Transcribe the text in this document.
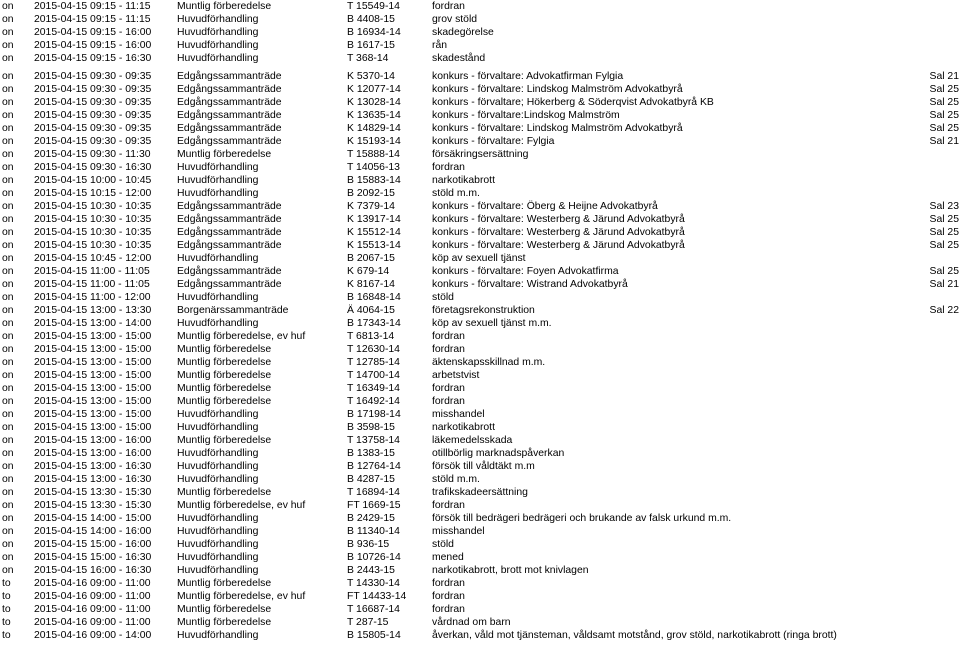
on 2015-04-15 09:15 - 11:15	Muntlig förberedelse	T 15549-14	fordran
on 2015-04-15 09:15 - 11:15	Huvudförhandling	B 4408-15	grov stöld
on 2015-04-15 09:15 - 16:00 Huvudförhandling	B 16934-14	skadegörelse
on 2015-04-15 09:15 - 16:00 Huvudförhandling	B 1617-15	rån
on 2015-04-15 09:15 - 16:30 Huvudförhandling	T 368-14	skadestånd
on 2015-04-15 09:30 - 09:35 Edgångssammanträde	K 5370-14	konkurs - förvaltare: Advokatfirman Fylgia	Sal 21
on 2015-04-15 09:30 - 09:35 Edgångssammanträde	K 12077-14	konkurs - förvaltare: Lindskog Malmström Advokatbyrå	Sal 25
on 2015-04-15 09:30 - 09:35 Edgångssammanträde	K 13028-14	konkurs - förvaltare; Hökerberg & Söderqvist Advokatbyrå KB	Sal 25
on 2015-04-15 09:30 - 09:35 Edgångssammanträde	K 13635-14	konkurs - förvaltare:Lindskog Malmström	Sal 25
on 2015-04-15 09:30 - 09:35 Edgångssammanträde	K 14829-14	konkurs - förvaltare: Lindskog Malmström Advokatbyrå	Sal 25
on 2015-04-15 09:30 - 09:35 Edgångssammanträde	K 15193-14	konkurs - förvaltare: Fylgia	Sal 21
on 2015-04-15 09:30 - 11:30	Muntlig förberedelse	T 15888-14	försäkringsersättning
on 2015-04-15 09:30 - 16:30 Huvudförhandling	T 14056-13	fordran
on 2015-04-15 10:00 - 10:45 Huvudförhandling	B 15883-14	narkotikabrott
on 2015-04-15 10:15 - 12:00 Huvudförhandling	B 2092-15	stöld m.m.
on 2015-04-15 10:30 - 10:35 Edgångssammanträde	K 7379-14	konkurs - förvaltare: Öberg & Heijne Advokatbyrå	Sal 23
on 2015-04-15 10:30 - 10:35 Edgångssammanträde	K 13917-14	konkurs - förvaltare: Westerberg & Järund Advokatbyrå	Sal 25
on 2015-04-15 10:30 - 10:35 Edgångssammanträde	K 15512-14	konkurs - förvaltare: Westerberg & Järund Advokatbyrå	Sal 25
on 2015-04-15 10:30 - 10:35 Edgångssammanträde	K 15513-14	konkurs - förvaltare: Westerberg & Järund Advokatbyrå	Sal 25
on 2015-04-15 10:45 - 12:00 Huvudförhandling	B 2067-15	köp av sexuell tjänst
on 2015-04-15 11:00 - 11:05	Edgångssammanträde	K 679-14	konkurs - förvaltare: Foyen Advokatfirma	Sal 25
on 2015-04-15 11:00 - 11:05	Edgångssammanträde	K 8167-14	konkurs - förvaltare: Wistrand Advokatbyrå	Sal 21
on 2015-04-15 11:00 - 12:00	Huvudförhandling	B 16848-14	stöld
on 2015-04-15 13:00 - 13:30 Borgenärssammanträde	Ä 4064-15	företagsrekonstruktion	Sal 22
on 2015-04-15 13:00 - 14:00 Huvudförhandling	B 17343-14	köp av sexuell tjänst m.m.
on 2015-04-15 13:00 - 15:00 Muntlig förberedelse, ev huf	T 6813-14	fordran
on 2015-04-15 13:00 - 15:00 Muntlig förberedelse	T 12630-14	fordran
on 2015-04-15 13:00 - 15:00 Muntlig förberedelse	T 12785-14	äktenskapsskillnad m.m.
on 2015-04-15 13:00 - 15:00 Muntlig förberedelse	T 14700-14	arbetstvist
on 2015-04-15 13:00 - 15:00 Muntlig förberedelse	T 16349-14	fordran
on 2015-04-15 13:00 - 15:00 Muntlig förberedelse	T 16492-14	fordran
on 2015-04-15 13:00 - 15:00 Huvudförhandling	B 17198-14	misshandel
on 2015-04-15 13:00 - 15:00 Huvudförhandling	B 3598-15	narkotikabrott
on 2015-04-15 13:00 - 16:00 Muntlig förberedelse	T 13758-14	läkemedelsskada
on 2015-04-15 13:00 - 16:00 Huvudförhandling	B 1383-15	otillbörlig marknadspåverkan
on 2015-04-15 13:00 - 16:30 Huvudförhandling	B 12764-14	försök till våldtäkt m.m
on 2015-04-15 13:00 - 16:30 Huvudförhandling	B 4287-15	stöld m.m.
on 2015-04-15 13:30 - 15:30 Muntlig förberedelse	T 16894-14	trafikskadeersättning
on 2015-04-15 13:30 - 15:30 Muntlig förberedelse, ev huf	FT 1669-15	fordran
on 2015-04-15 14:00 - 15:00 Huvudförhandling	B 2429-15	försök till bedrägeri bedrägeri och brukande av falsk urkund m.m.
on 2015-04-15 14:00 - 16:00 Huvudförhandling	B 11340-14	misshandel
on 2015-04-15 15:00 - 16:00 Huvudförhandling	B 936-15	stöld
on 2015-04-15 15:00 - 16:30 Huvudförhandling	B 10726-14	mened
on 2015-04-15 16:00 - 16:30 Huvudförhandling	B 2443-15	narkotikabrott, brott mot knivlagen
to 2015-04-16 09:00 - 11:00	Muntlig förberedelse	T 14330-14	fordran
to 2015-04-16 09:00 - 11:00	Muntlig förberedelse, ev huf	FT 14433-14 fordran
to 2015-04-16 09:00 - 11:00	Muntlig förberedelse	T 16687-14	fordran
to 2015-04-16 09:00 - 11:00	Muntlig förberedelse	T 287-15	vårdnad om barn
to 2015-04-16 09:00 - 14:00 Huvudförhandling	B 15805-14	åverkan, våld mot tjänsteman, våldsamt motstånd, grov stöld, narkotikabrott (ringa brott)
